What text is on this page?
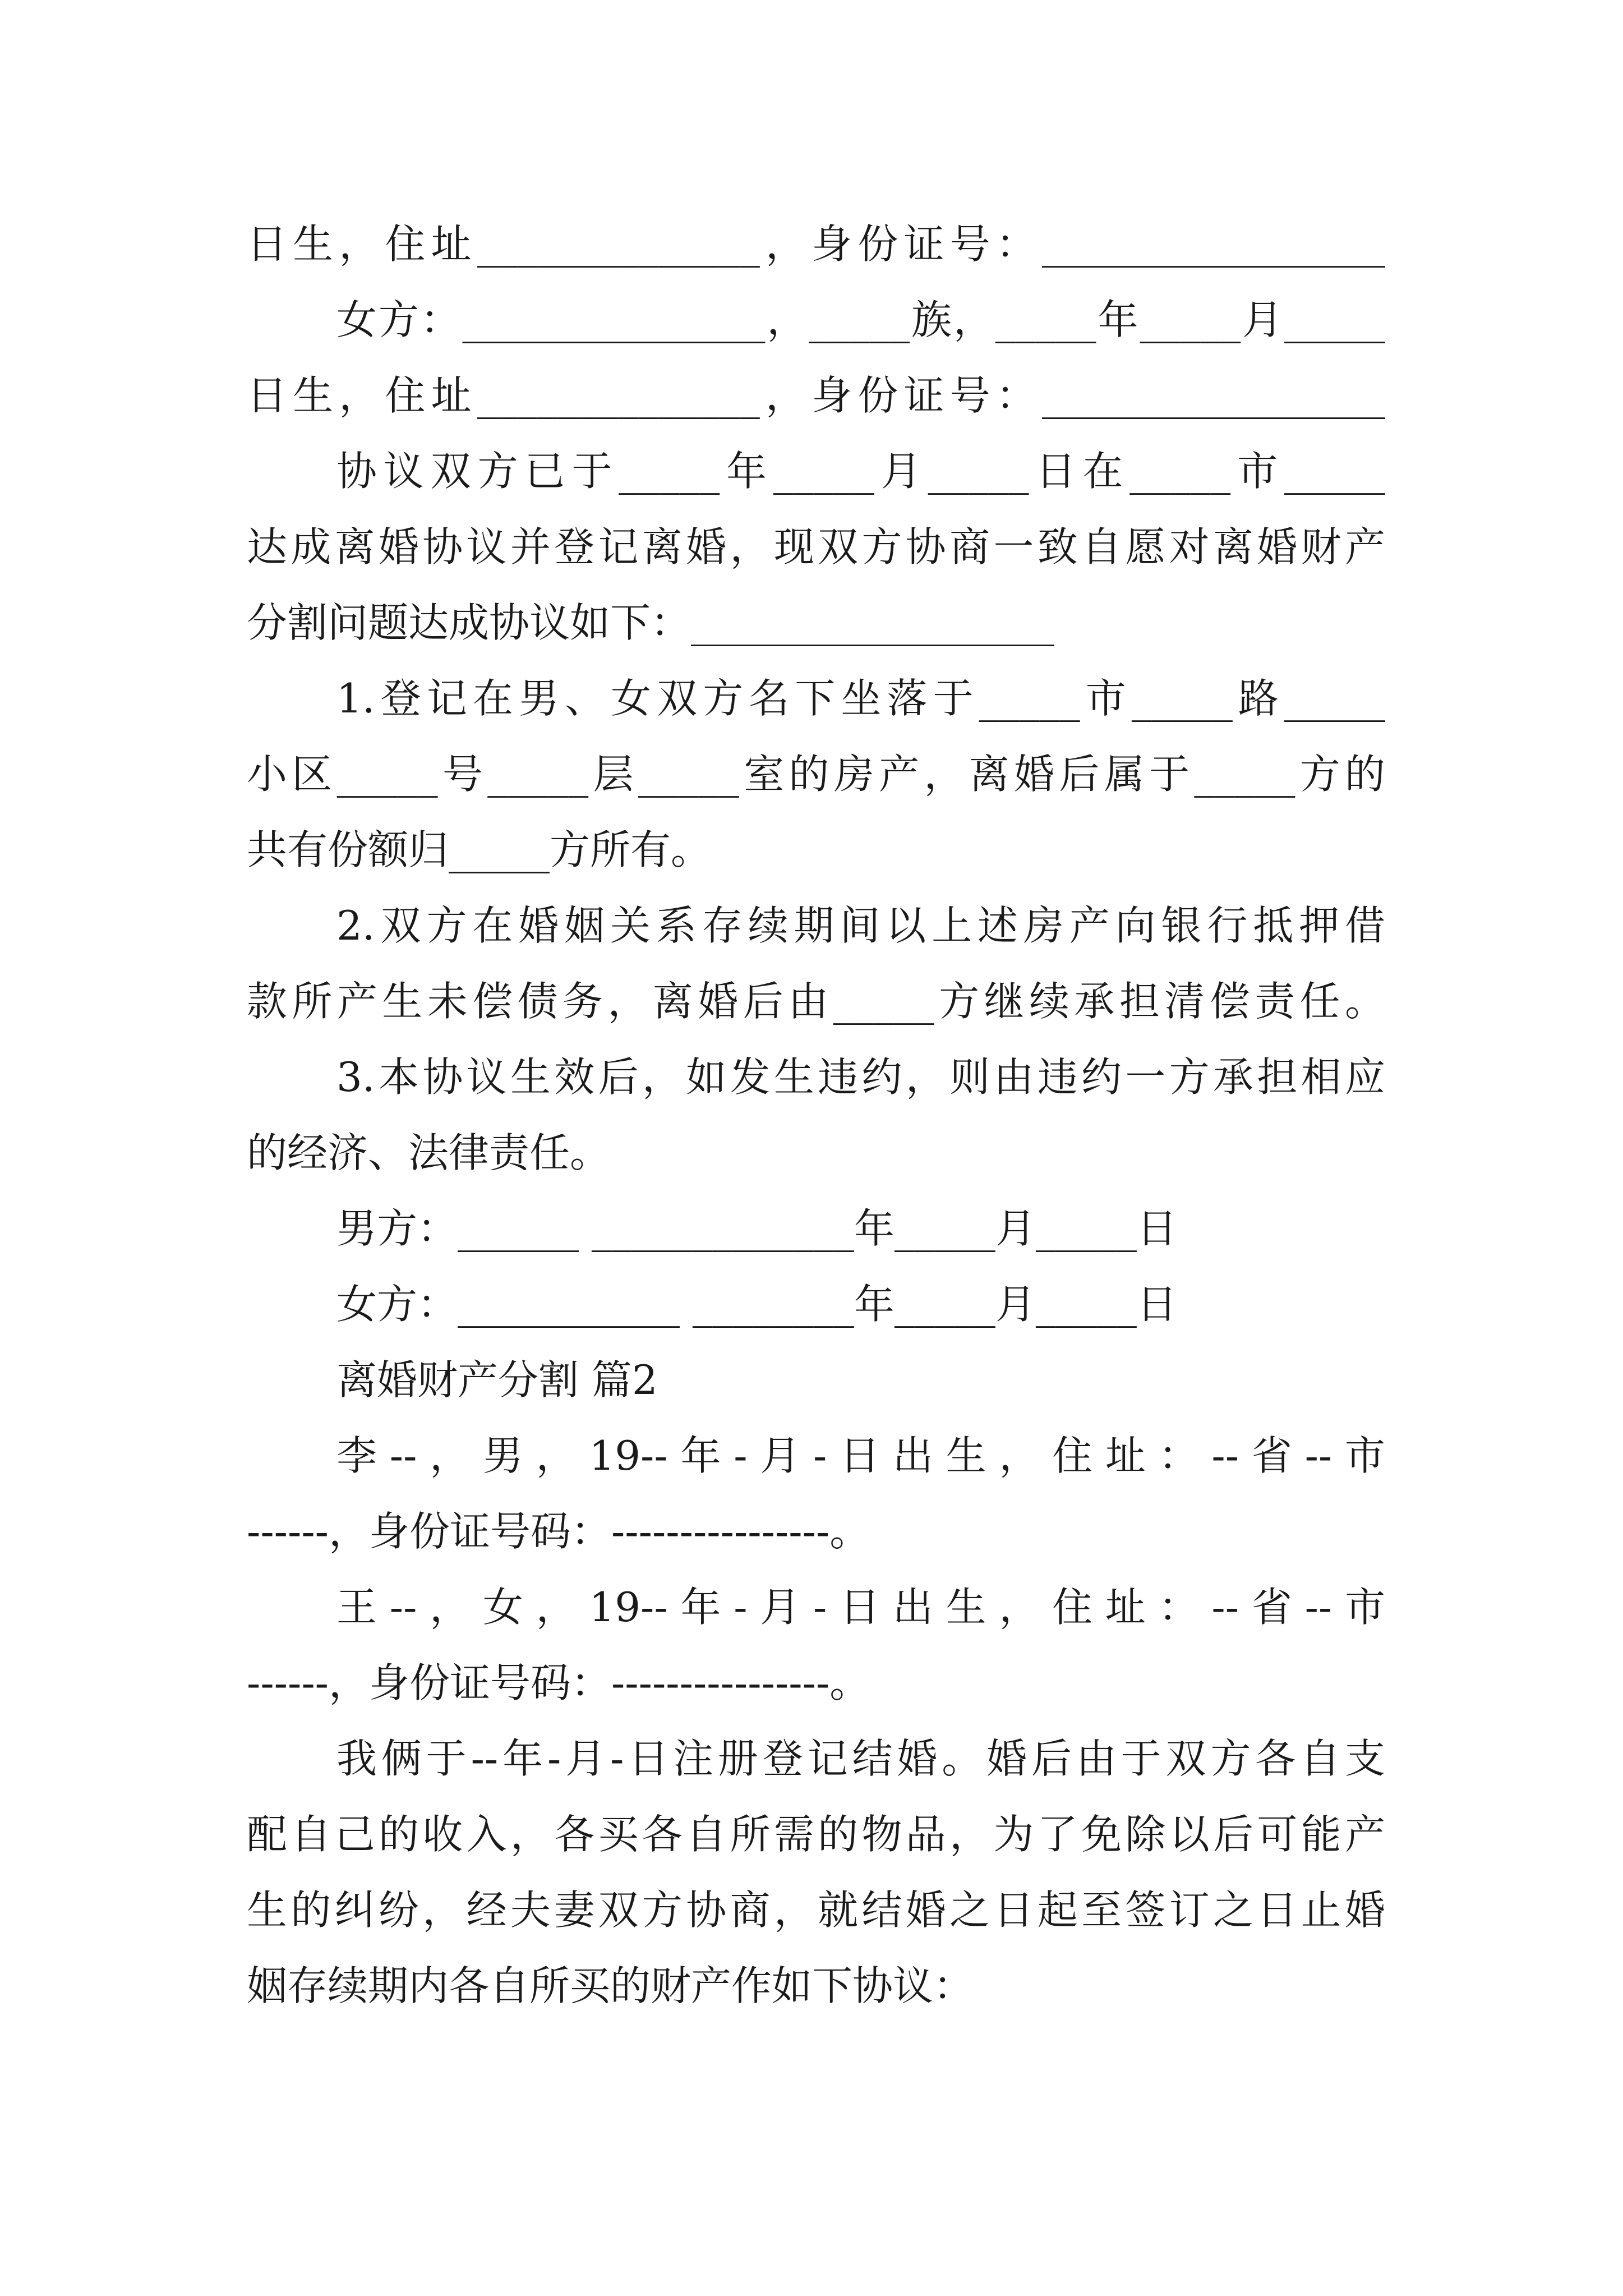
日生，住址______________，身份证号：_________________
女方：_______________，_____族，_____年_____月_____
日生，住址______________，身份证号：_________________
协议双方已于_____年_____月_____日在_____市_____
达成离婚协议并登记离婚，现双方协商一致自愿对离婚财产
分割问题达成协议如下：__________________
1.登记在男、女双方名下坐落于_____市_____路_____
小区_____号_____层_____室的房产，离婚后属于_____方的
共有份额归_____方所有。
2.双方在婚姻关系存续期间以上述房产向银行抵押借
款所产生未偿债务，离婚后由_____方继续承担清偿责任。
3.本协议生效后，如发生违约，则由违约一方承担相应
的经济、法律责任。
男方：______ _____________年_____月_____日
女方：___________ ________年_____月_____日
离婚财产分割 篇2
李--，男，19--年-月-日出生，住址：--省--市
------，身份证号码：----------------。
王--，女，19--年-月-日出生，住址：--省--市
------，身份证号码：----------------。
我俩于--年-月-日注册登记结婚。婚后由于双方各自支
配自己的收入，各买各自所需的物品，为了免除以后可能产
生的纠纷，经夫妻双方协商，就结婚之日起至签订之日止婚
姻存续期内各自所买的财产作如下协议：
